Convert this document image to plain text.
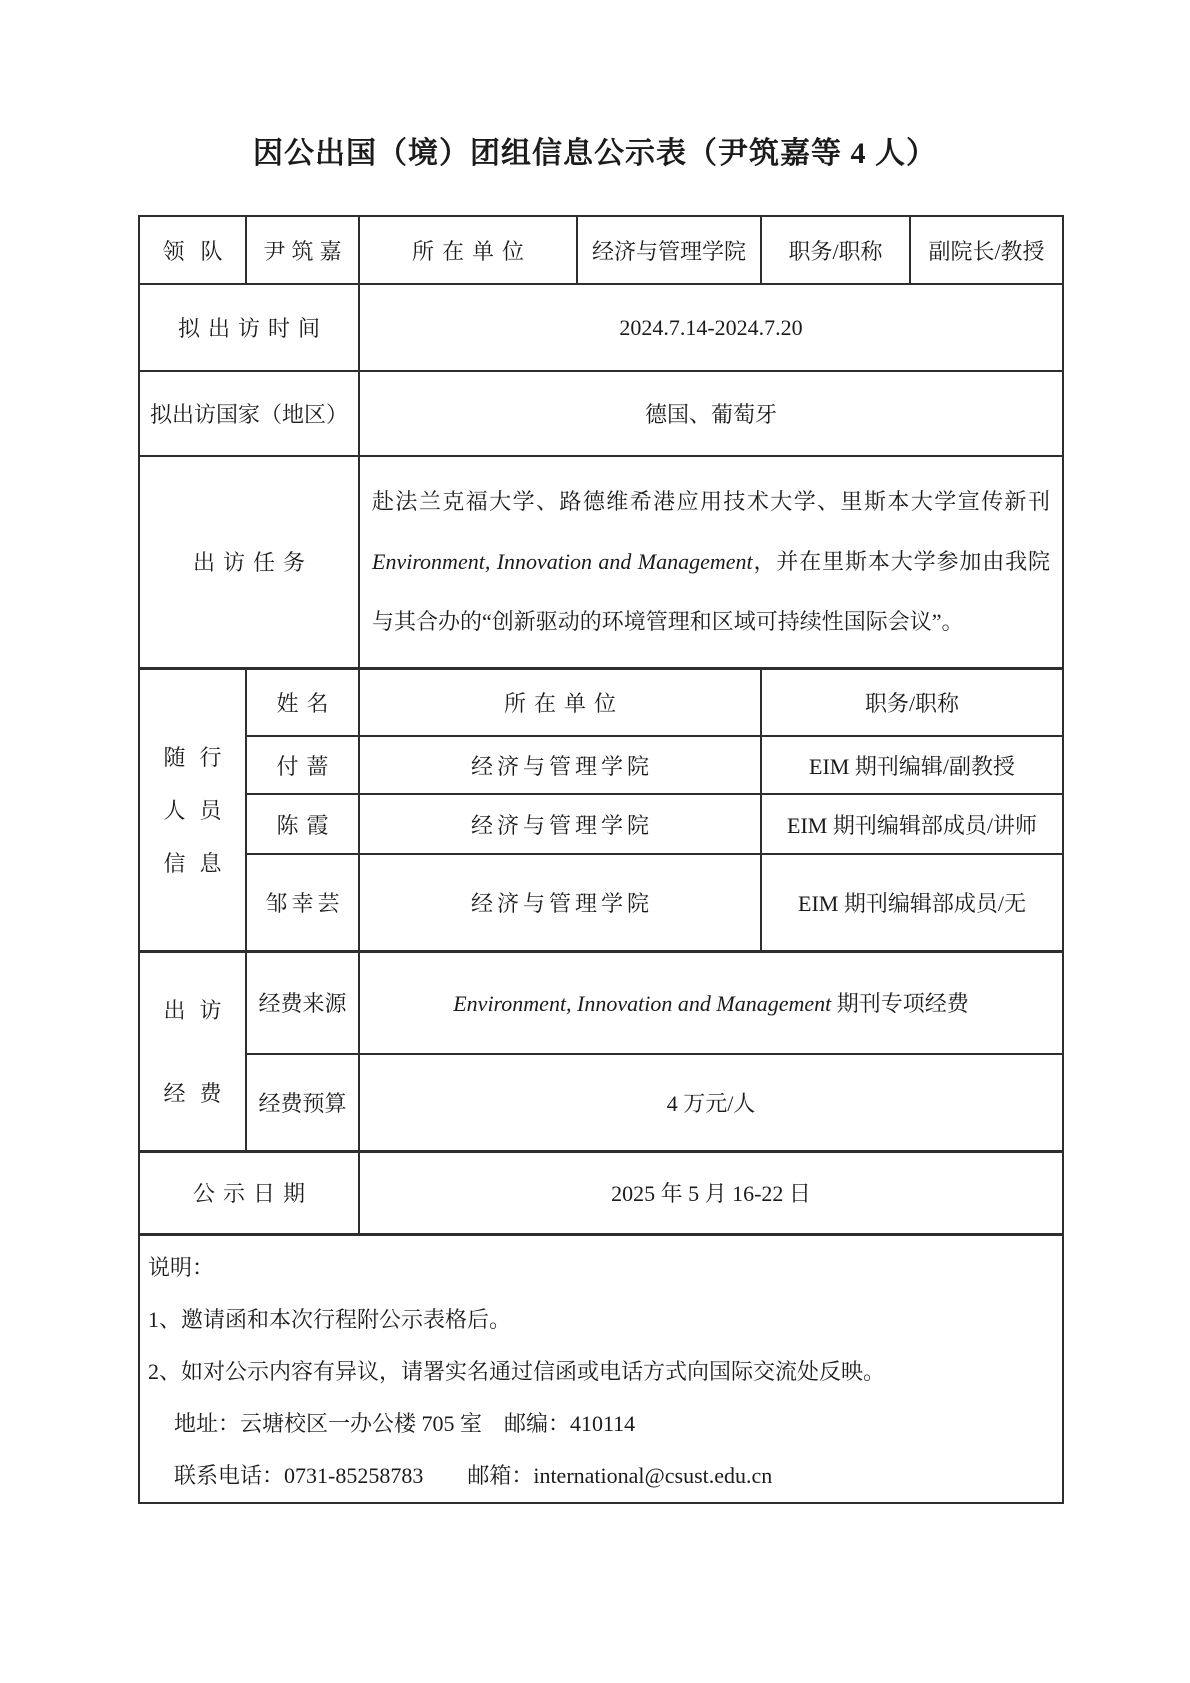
因公出国（境）团组信息公示表（尹筑嘉等 4 人）
领队	尹筑嘉	所在单位	经济与管理学院	职务/职称	副院长/教授
拟出访时间		2024.7.14-2024.7.20			
拟出访国家（地区）		德国、葡萄牙			
出访任务		赴法兰克福大学、路德维希港应用技术大学、里斯本大学宣传新刊 Environment, Innovation and Management，并在里斯本大学参加由我院与其合办的“创新驱动的环境管理和区域可持续性国际会议”。			

随行
人员
信息	姓名	所在单位		职务/职称	
	付蔷	经济与管理学院		EIM 期刊编辑/副教授	
	陈霞	经济与管理学院		EIM 期刊编辑部成员/讲师	
	邹幸芸	经济与管理学院		EIM 期刊编辑部成员/无	

出访
经费	经费来源	Environment, Innovation and Management 期刊专项经费			
	经费预算	4 万元/人			
公示日期		2025 年 5 月 16-22 日			

说明：
1、邀请函和本次行程附公示表格后。
2、如对公示内容有异议，请署实名通过信函或电话方式向国际交流处反映。
地址：云塘校区一办公楼 705 室　邮编：410114
联系电话：0731-85258783　　邮箱：international@csust.edu.cn					
